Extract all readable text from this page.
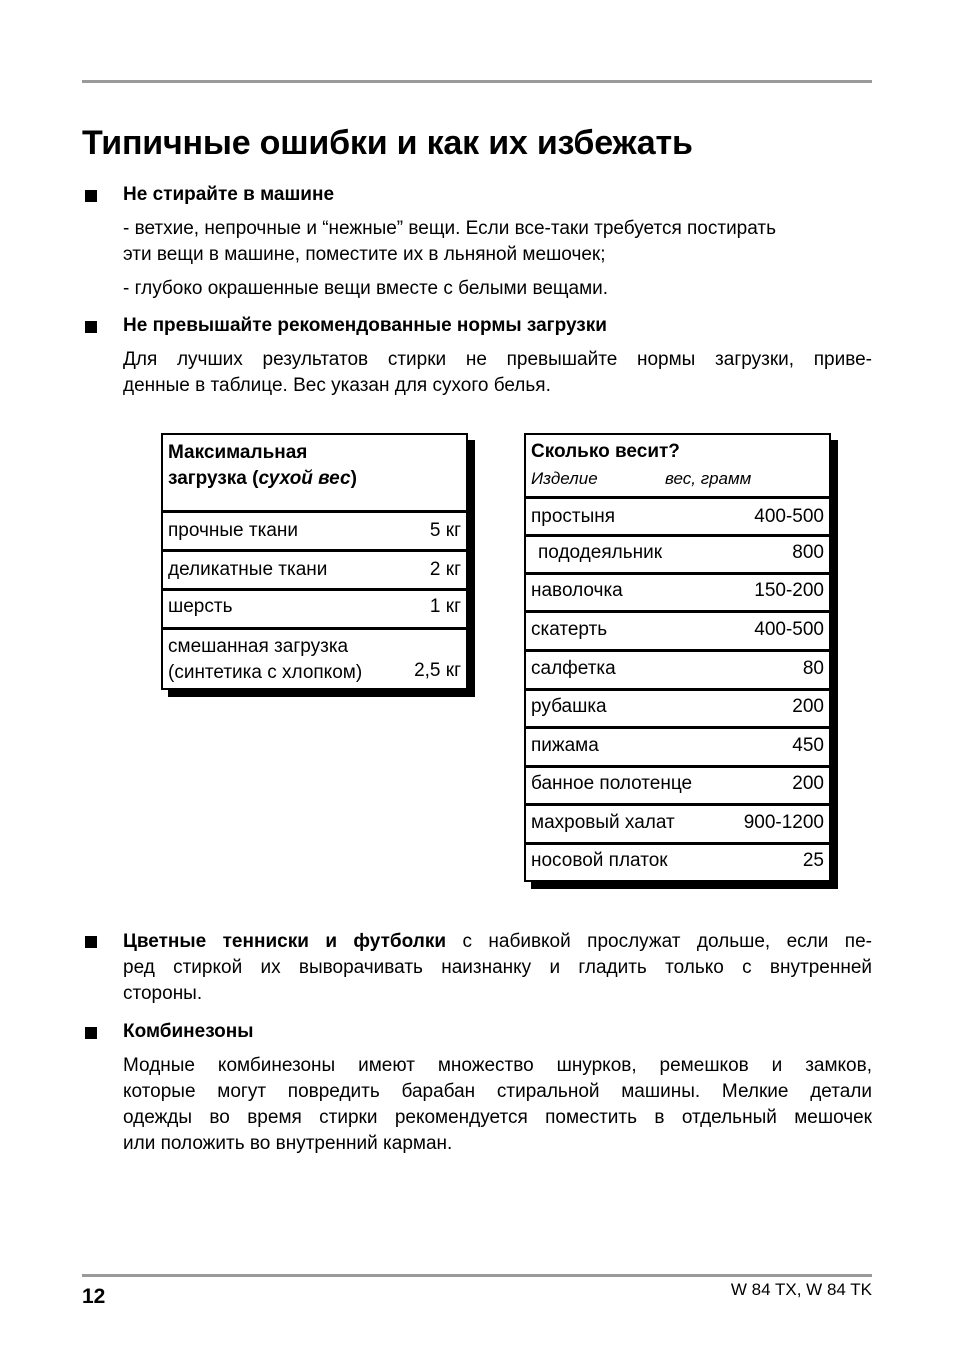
Типичные ошибки и как их избежать
Не стирайте в машине
- ветхие, непрочные и “нежные” вещи. Если все-таки требуется постирать
эти вещи в машине, поместите их в льняной мешочек;
- глубоко окрашенные вещи вместе с белыми вещами.
Не превышайте рекомендованные нормы загрузки
Для лучших результатов стирки не превышайте нормы загрузки, приве-
денные в таблице. Вес указан для сухого белья.
Максимальная
загрузка (сухой вес)
прочные ткани	5 кг
деликатные ткани	2 кг
шерсть	1 кг
смешанная загрузка
(синтетика с хлопком)	2,5 кг
Сколько весит?
Изделие	вес, грамм
простыня	400-500
пододеяльник	800
наволочка	150-200
скатерть	400-500
салфетка	80
рубашка	200
пижама	450
банное полотенце	200
махровый халат	900-1200
носовой платок	25
Цветные тенниски и футболки с набивкой прослужат дольше, если пе-
ред стиркой их выворачивать наизнанку и гладить только с внутренней
стороны.
Комбинезоны
Модные комбинезоны имеют множество шнурков, ремешков и замков,
которые могут повредить барабан стиральной машины. Мелкие детали
одежды во время стирки рекомендуется поместить в отдельный мешочек
или положить во внутренний карман.
12	W 84 TX, W 84 TK
